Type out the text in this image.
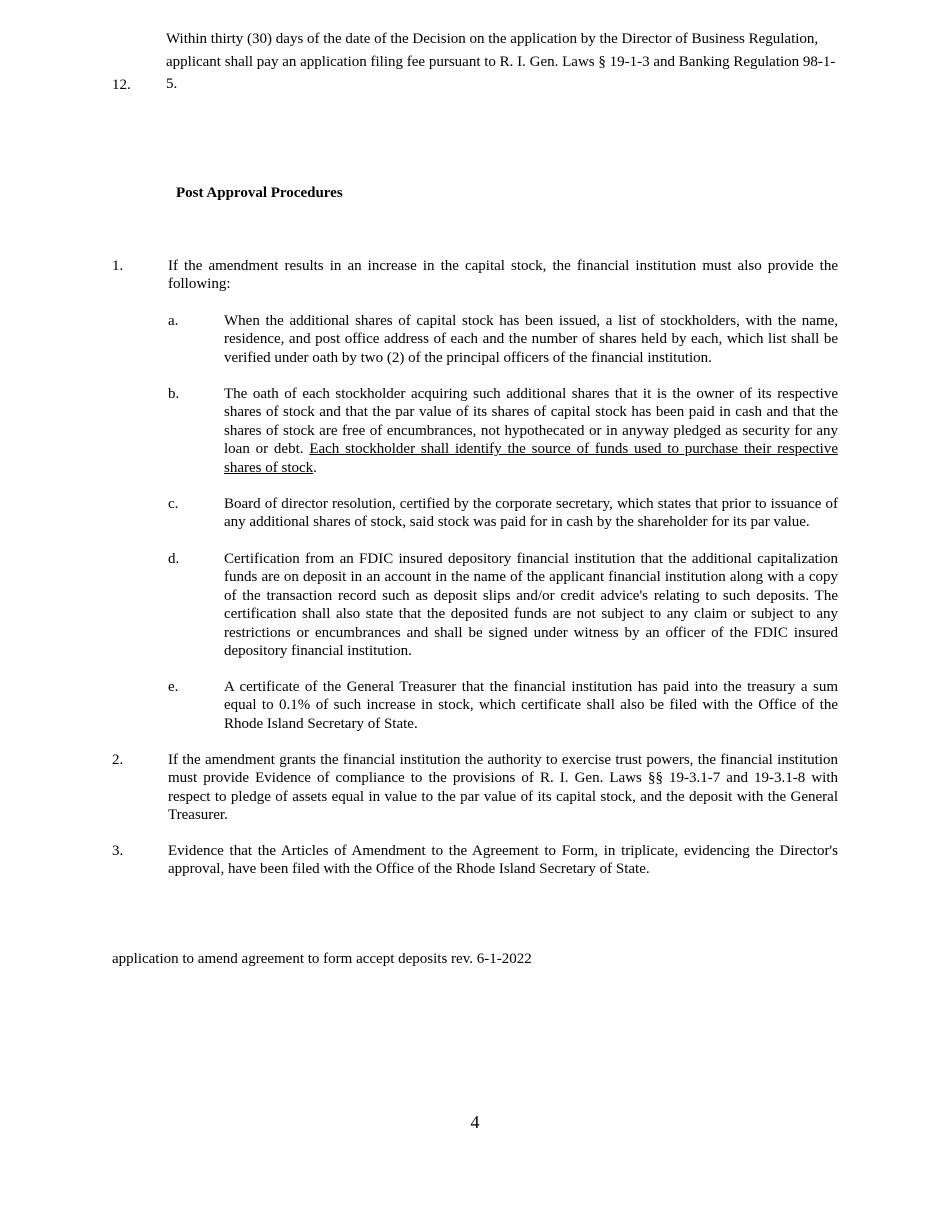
12.
Within thirty (30) days of the date of the Decision on the application by the Director of Business Regulation, applicant shall pay an application filing fee pursuant to R. I. Gen. Laws § 19-1-3 and Banking Regulation 98-1-5.
Post Approval Procedures
1.	If the amendment results in an increase in the capital stock, the financial institution must also provide the following:
a.	When the additional shares of capital stock has been issued, a list of stockholders, with the name, residence, and post office address of each and the number of shares held by each, which list shall be verified under oath by two (2) of the principal officers of the financial institution.
b.	The oath of each stockholder acquiring such additional shares that it is the owner of its respective shares of stock and that the par value of its shares of capital stock has been paid in cash and that the shares of stock are free of encumbrances, not hypothecated or in anyway pledged as security for any loan or debt. Each stockholder shall identify the source of funds used to purchase their respective shares of stock.
c.	Board of director resolution, certified by the corporate secretary, which states that prior to issuance of any additional shares of stock, said stock was paid for in cash by the shareholder for its par value.
d.	Certification from an FDIC insured depository financial institution that the additional capitalization funds are on deposit in an account in the name of the applicant financial institution along with a copy of the transaction record such as deposit slips and/or credit advice's relating to such deposits. The certification shall also state that the deposited funds are not subject to any claim or subject to any restrictions or encumbrances and shall be signed under witness by an officer of the FDIC insured depository financial institution.
e.	A certificate of the General Treasurer that the financial institution has paid into the treasury a sum equal to 0.1% of such increase in stock, which certificate shall also be filed with the Office of the Rhode Island Secretary of State.
2.	If the amendment grants the financial institution the authority to exercise trust powers, the financial institution must provide Evidence of compliance to the provisions of R. I. Gen. Laws §§ 19-3.1-7 and 19-3.1-8 with respect to pledge of assets equal in value to the par value of its capital stock, and the deposit with the General Treasurer.
3.	Evidence that the Articles of Amendment to the Agreement to Form, in triplicate, evidencing the Director's approval, have been filed with the Office of the Rhode Island Secretary of State.
application to amend agreement to form accept deposits rev. 6-1-2022
4
